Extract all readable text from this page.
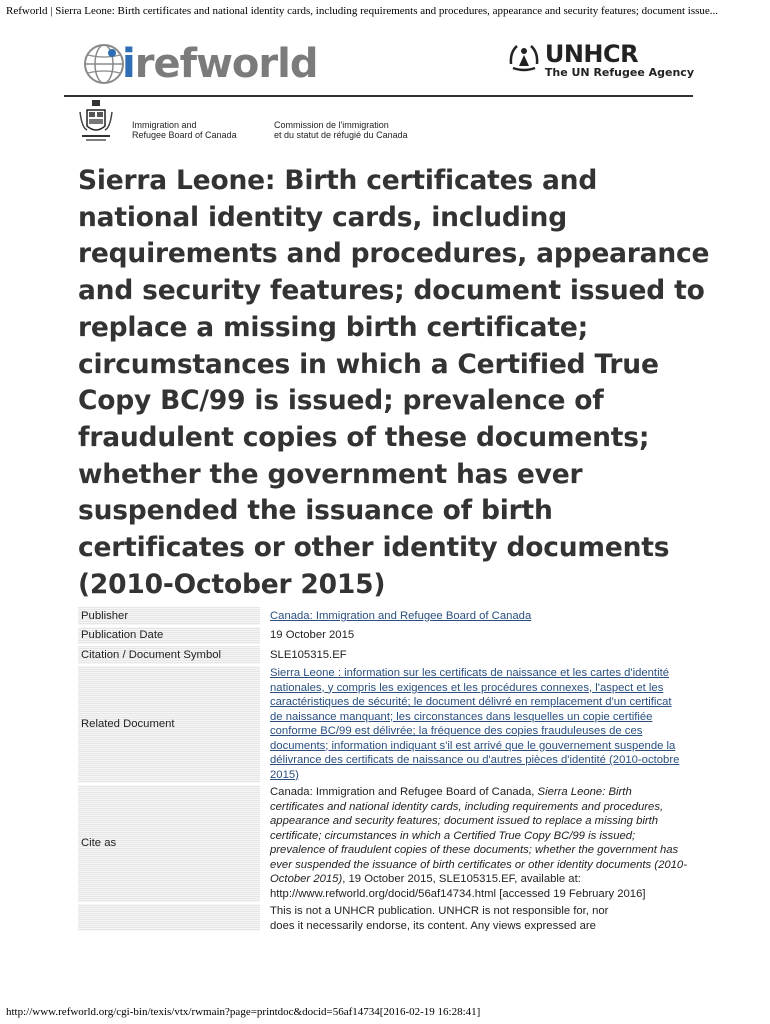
Refworld | Sierra Leone: Birth certificates and national identity cards, including requirements and procedures, appearance and security features; document issue...
irefworld	UNHCR
The UN Refugee Agency
Immigration and
Refugee Board of Canada
Commission de l'immigration
et du statut de réfugié du Canada
Sierra Leone: Birth certificates and national identity cards, including requirements and procedures, appearance and security features; document issued to replace a missing birth certificate; circumstances in which a Certified True Copy BC/99 is issued; prevalence of fraudulent copies of these documents; whether the government has ever suspended the issuance of birth certificates or other identity documents (2010-October 2015)
Publisher	Canada: Immigration and Refugee Board of Canada
Publication Date	19 October 2015
Citation / Document Symbol	SLE105315.EF
Related Document	Sierra Leone : information sur les certificats de naissance et les cartes d'identité nationales, y compris les exigences et les procédures connexes, l'aspect et les caractéristiques de sécurité; le document délivré en remplacement d'un certificat de naissance manquant; les circonstances dans lesquelles un copie certifiée conforme BC/99 est délivrée; la fréquence des copies frauduleuses de ces documents; information indiquant s'il est arrivé que le gouvernement suspende la délivrance des certificats de naissance ou d'autres pièces d'identité (2010-octobre 2015)
Cite as	Canada: Immigration and Refugee Board of Canada, Sierra Leone: Birth certificates and national identity cards, including requirements and procedures, appearance and security features; document issued to replace a missing birth certificate; circumstances in which a Certified True Copy BC/99 is issued; prevalence of fraudulent copies of these documents; whether the government has ever suspended the issuance of birth certificates or other identity documents (2010-October 2015), 19 October 2015, SLE105315.EF, available at: http://www.refworld.org/docid/56af14734.html [accessed 19 February 2016]

	This is not a UNHCR publication. UNHCR is not responsible for, nor
does it necessarily endorse, its content. Any views expressed are
http://www.refworld.org/cgi-bin/texis/vtx/rwmain?page=printdoc&docid=56af14734[2016-02-19 16:28:41]
